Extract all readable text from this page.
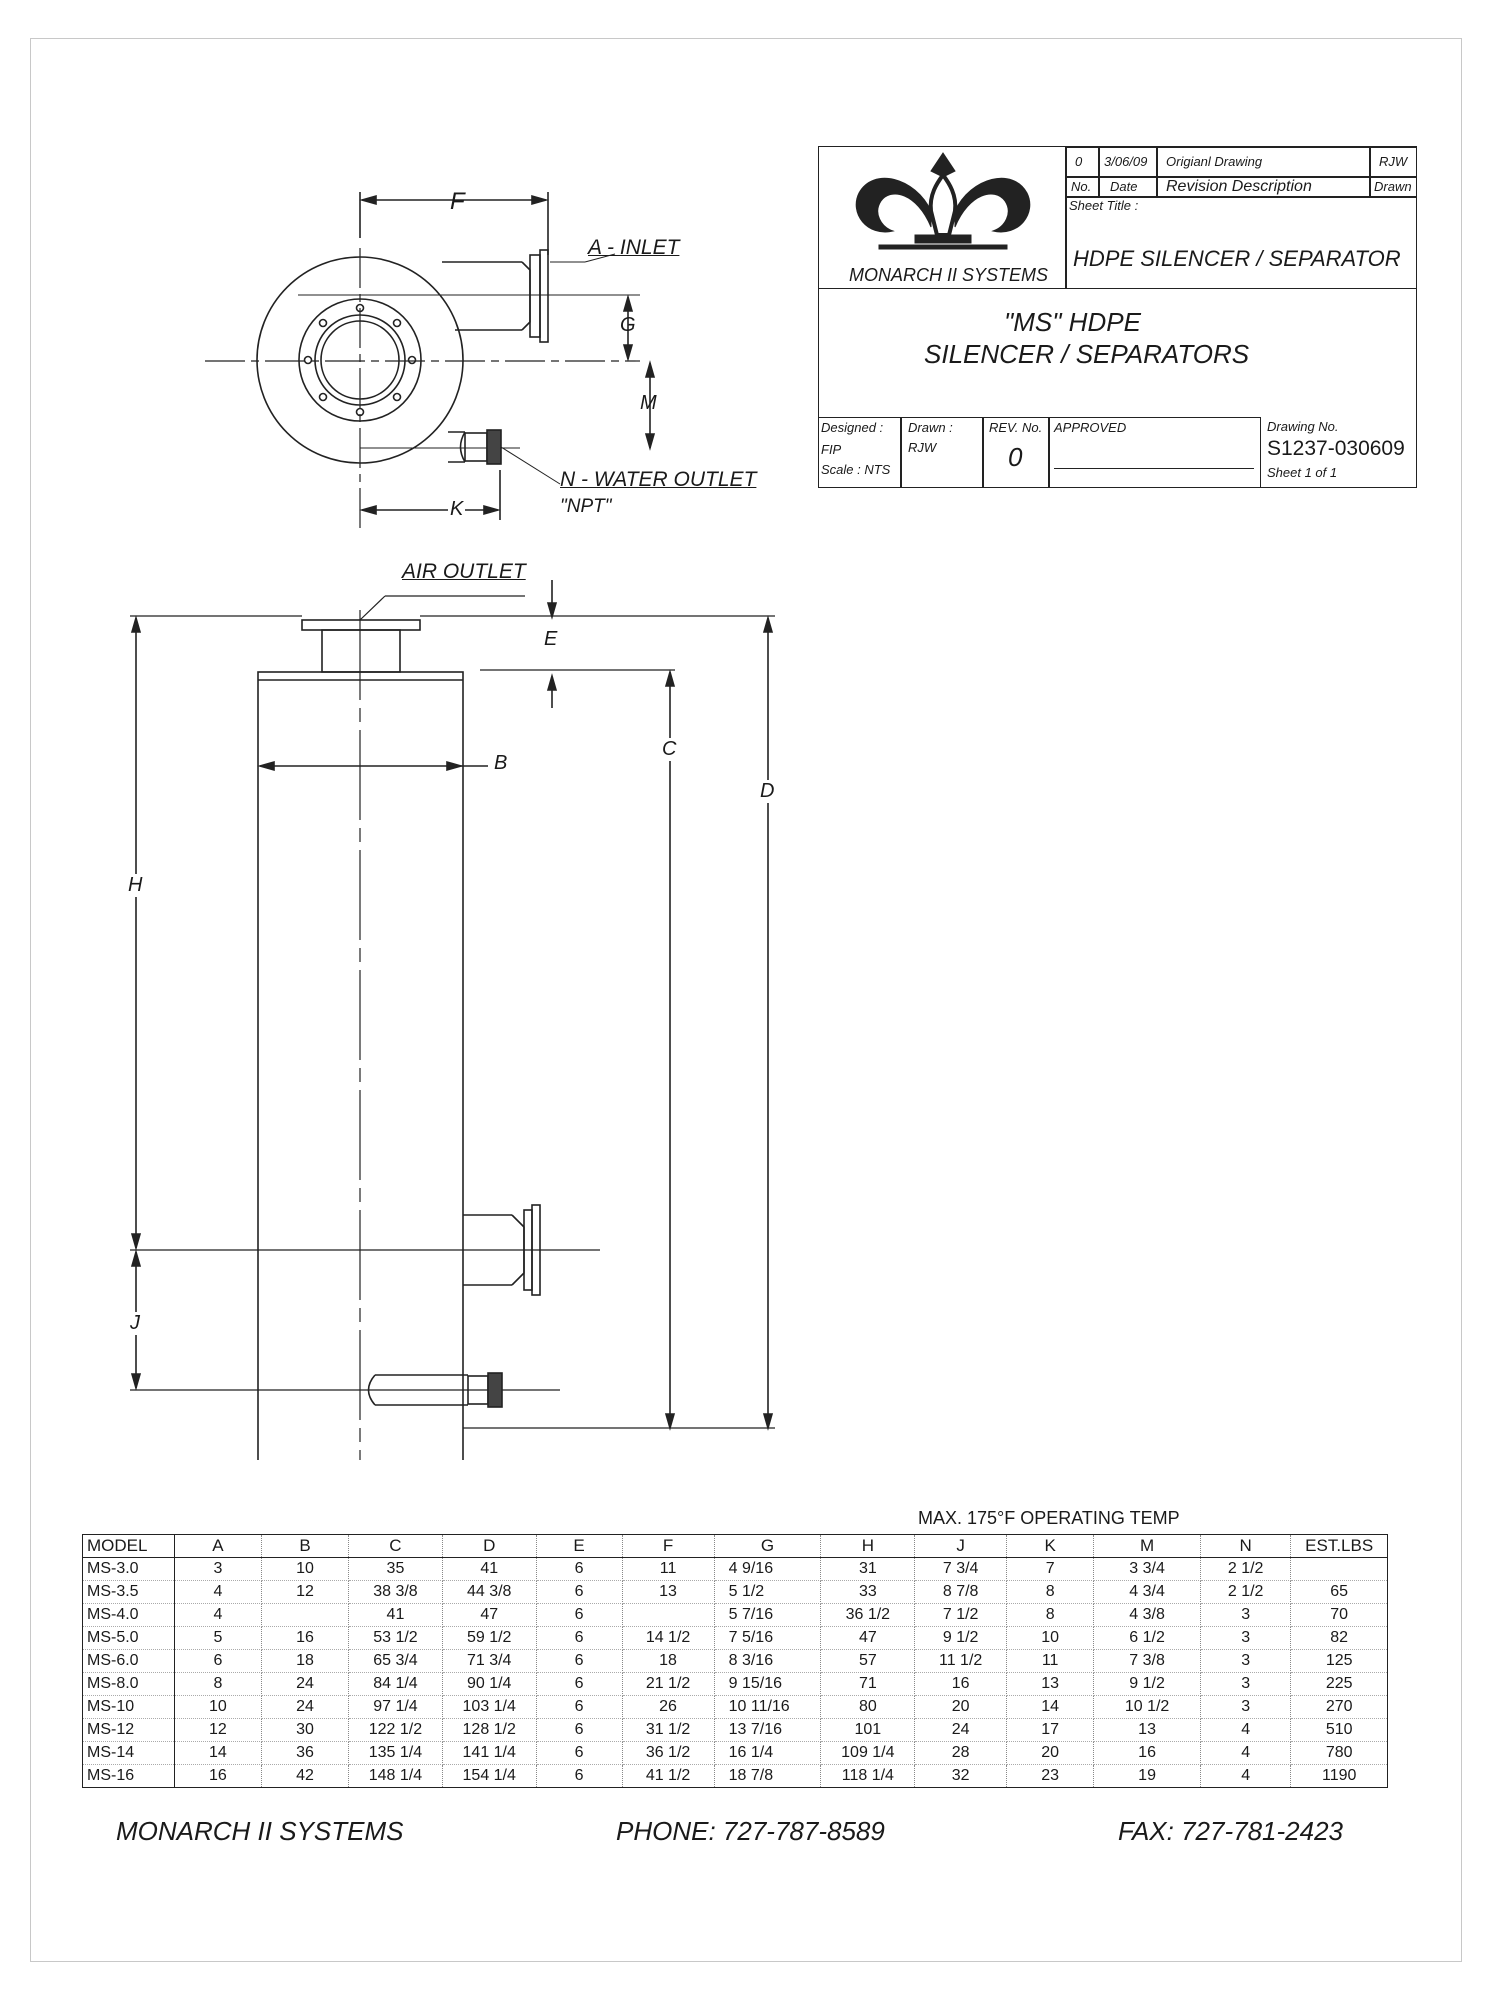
F
A - INLET
G
M
K
N - WATER OUTLET
"NPT"
MONARCH II SYSTEMS
0 3/06/09 Origianl Drawing	RJW
No. Date Revision Description	Drawn
Sheet Title :
HDPE SILENCER / SEPARATOR
"MS" HDPE
SILENCER / SEPARATORS
Designed :
FIP
Scale : NTS
Drawn :
RJW
REV. No.
0
APPROVED	Drawing No.
S1237-030609
Sheet 1 of 1
AIR OUTLET
E
B
C
D
H
J
MAX. 175°F OPERATING TEMP
MODEL	A	B	C	D	E	F	G	H	J	K	M	N	EST.LBS
MS-3.0	3	10	35	41	6	11	4 9/16	31	7 3/4	7	3 3/4	2 1/2	
MS-3.5	4	12	38 3/8	44 3/8	6	13	5 1/2	33	8 7/8	8	4 3/4	2 1/2	65
MS-4.0	4		41	47	6		5 7/16	36 1/2	7 1/2	8	4 3/8	3	70
MS-5.0	5	16	53 1/2	59 1/2	6	14 1/2	7 5/16	47	9 1/2	10	6 1/2	3	82
MS-6.0	6	18	65 3/4	71 3/4	6	18	8 3/16	57	11 1/2	11	7 3/8	3	125
MS-8.0	8	24	84 1/4	90 1/4	6	21 1/2	9 15/16	71	16	13	9 1/2	3	225
MS-10	10	24	97 1/4	103 1/4	6	26	10 11/16	80	20	14	10 1/2	3	270
MS-12	12	30	122 1/2	128 1/2	6	31 1/2	13 7/16	101	24	17	13	4	510
MS-14	14	36	135 1/4	141 1/4	6	36 1/2	16 1/4	109 1/4	28	20	16	4	780
MS-16	16	42	148 1/4	154 1/4	6	41 1/2	18 7/8	118 1/4	32	23	19	4	1190
MONARCH II SYSTEMS	PHONE: 727-787-8589	FAX: 727-781-2423
